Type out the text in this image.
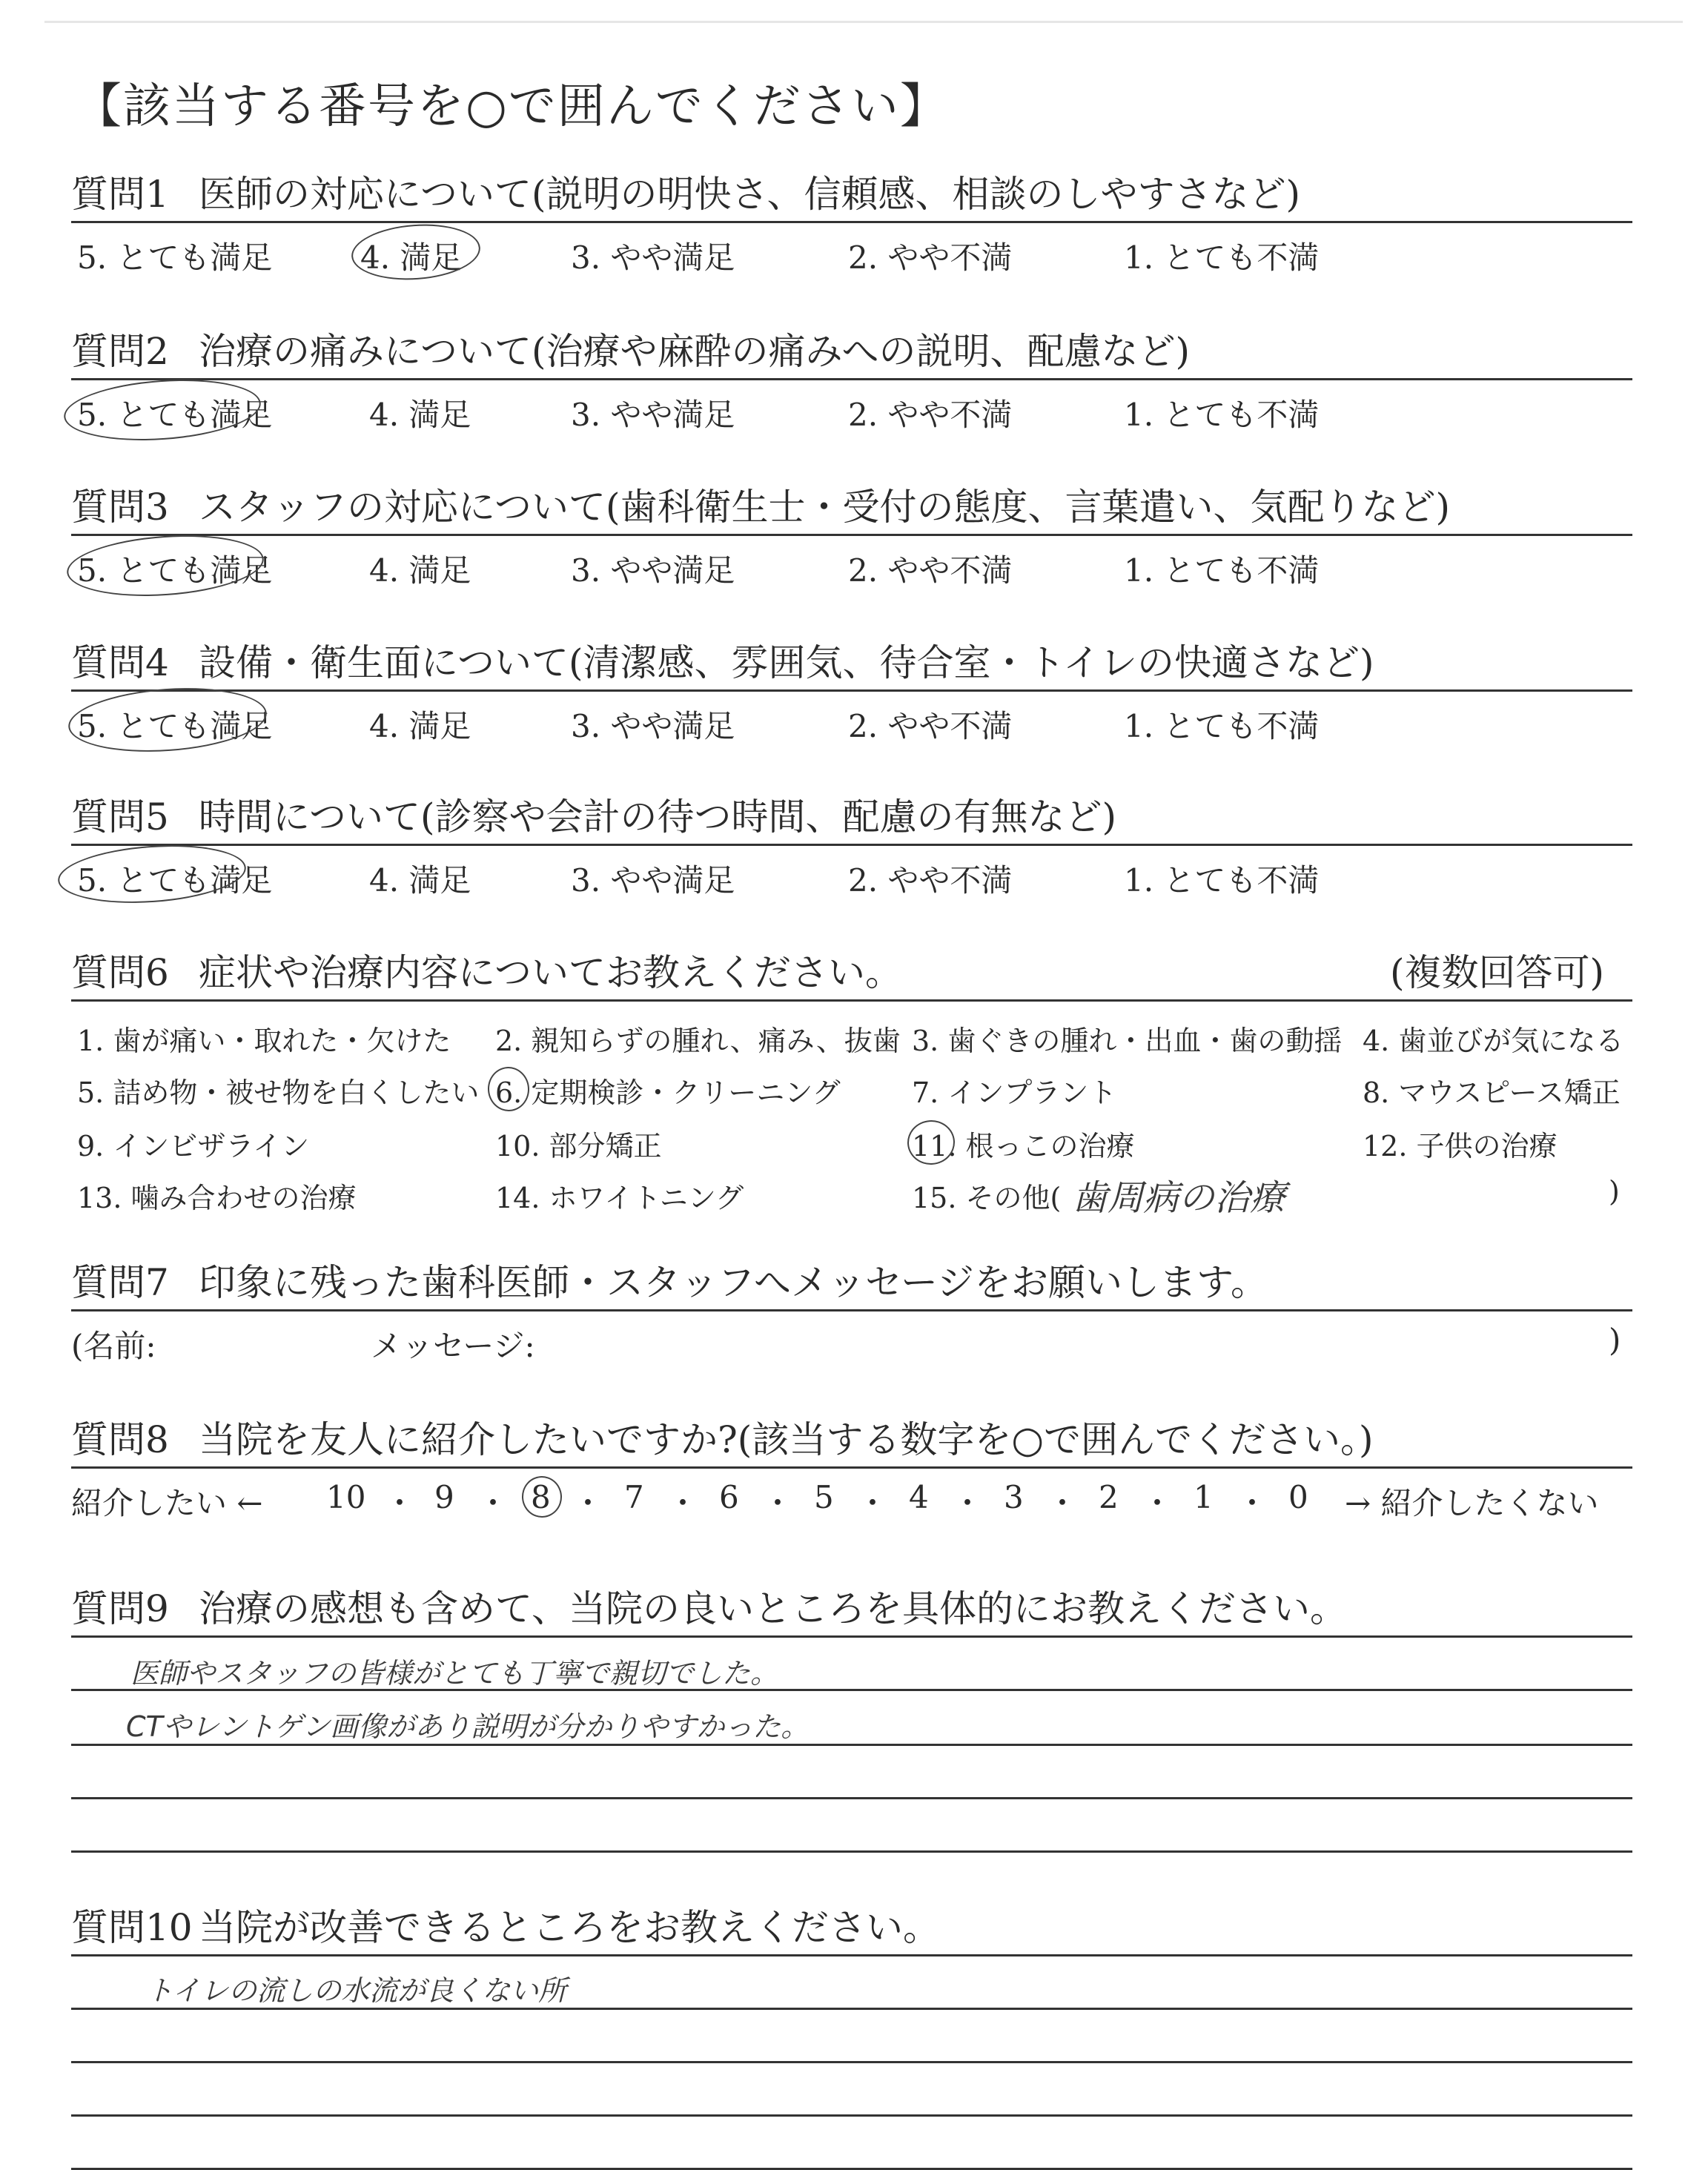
【該当する番号を○で囲んでください】
質問1 医師の対応について(説明の明快さ、信頼感、相談のしやすさなど)
5. とても満足	4. 満足	3. やや満足	2. やや不満	1. とても不満
質問2 治療の痛みについて(治療や麻酔の痛みへの説明、配慮など)
5. とても満足	4. 満足	3. やや満足	2. やや不満	1. とても不満
質問3 スタッフの対応について(歯科衛生士・受付の態度、言葉遣い、気配りなど)
5. とても満足	4. 満足	3. やや満足	2. やや不満	1. とても不満
質問4 設備・衛生面について(清潔感、雰囲気、待合室・トイレの快適さなど)
5. とても満足	4. 満足	3. やや満足	2. やや不満	1. とても不満
質問5 時間について(診察や会計の待つ時間、配慮の有無など)
5. とても満足	4. 満足	3. やや満足	2. やや不満	1. とても不満
質問6 症状や治療内容についてお教えください。	(複数回答可)
1. 歯が痛い・取れた・欠けた 2. 親知らずの腫れ、痛み、抜歯 3. 歯ぐきの腫れ・出血・歯の動揺 4. 歯並びが気になる
5. 詰め物・被せ物を白くしたい 6. 定期検診・クリーニング	7. インプラント	8. マウスピース矯正
9. インビザライン	10. 部分矯正	11. 根っこの治療	12. 子供の治療
13. 噛み合わせの治療	14. ホワイトニング	15. その他( 歯周病の治療	)
質問7 印象に残った歯科医師・スタッフへメッセージをお願いします。
(名前:	メッセージ:	)
質問8 当院を友人に紹介したいですか?(該当する数字を○で囲んでください。)
紹介したい ← 10 ・ 9 ・ 8 ・ 7 ・ 6 ・ 5 ・ 4 ・ 3 ・ 2 ・ 1 ・ 0 → 紹介したくない
質問9 治療の感想も含めて、当院の良いところを具体的にお教えください。
医師やスタッフの皆様がとても丁寧で親切でした。
CTやレントゲン画像があり説明が分かりやすかった。
質問10 当院が改善できるところをお教えください。
トイレの流しの水流が良くない所
